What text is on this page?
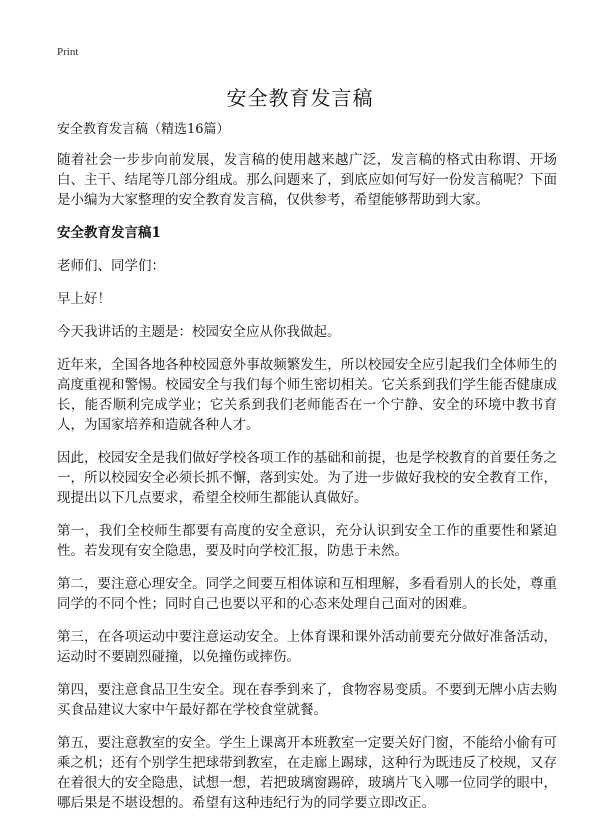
Print
安全教育发言稿

安全教育发言稿（精选16篇）

随着社会一步步向前发展，发言稿的使用越来越广泛，发言稿的格式由称谓、开场白、主干、结尾等几部分组成。那么问题来了，到底应如何写好一份发言稿呢？下面是小编为大家整理的安全教育发言稿，仅供参考，希望能够帮助到大家。

安全教育发言稿1

老师们、同学们：

早上好！

今天我讲话的主题是：校园安全应从你我做起。

近年来，全国各地各种校园意外事故频繁发生，所以校园安全应引起我们全体师生的高度重视和警惕。校园安全与我们每个师生密切相关。它关系到我们学生能否健康成长，能否顺利完成学业；它关系到我们老师能否在一个宁静、安全的环境中教书育人，为国家培养和造就各种人才。

因此，校园安全是我们做好学校各项工作的基础和前提，也是学校教育的首要任务之一，所以校园安全必须长抓不懈，落到实处。为了进一步做好我校的安全教育工作，现提出以下几点要求，希望全校师生都能认真做好。

第一，我们全校师生都要有高度的安全意识，充分认识到安全工作的重要性和紧迫性。若发现有安全隐患，要及时向学校汇报，防患于未然。

第二，要注意心理安全。同学之间要互相体谅和互相理解，多看看别人的长处，尊重同学的不同个性；同时自己也要以平和的心态来处理自己面对的困难。

第三，在各项运动中要注意运动安全。上体育课和课外活动前要充分做好准备活动，运动时不要剧烈碰撞，以免撞伤或摔伤。

第四，要注意食品卫生安全。现在春季到来了，食物容易变质。不要到无牌小店去购买食品建议大家中午最好都在学校食堂就餐。

第五，要注意教室的安全。学生上课离开本班教室一定要关好门窗，不能给小偷有可乘之机；还有个别学生把球带到教室，在走廊上踢球，这种行为既违反了校规，又存在着很大的安全隐患，试想一想，若把玻璃窗踢碎，玻璃片飞入哪一位同学的眼中，哪后果是不堪设想的。希望有这种违纪行为的同学要立即改正。
